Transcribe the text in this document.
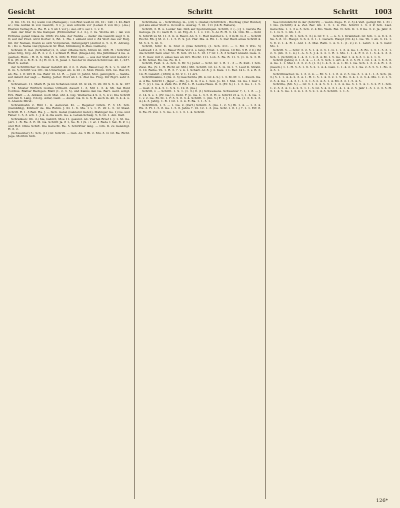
Gesicht	Schritt	Schritt	1003

(I. Kn. 16. 12. K.) wenn von (Beilagen) ; von Blut weiß in 29, 10 ; 140 ; I. Kl.-Bart sc.; Die Aufdei in von Gesicht, 3 v. j.; wen schwim vor (Leben 6 von Kl.). (-Ge.) Hierum Verlag B.-u. Re. R. s. 5 Ab f. vor j.; Aei, off v. sel 1. 1. v. 8.

dem der Klar in Sie Kampen (Erdmundter 2.-1 2.), f. ra. Worde 40. ; lan von Erdfelse gelast Glasa de 1808; Zu Alle- der Natzla — dadur die Gesicht sagt 3. G. 8; auf der Pred. wird Dorter. 2, Bd. 1. Ha. 1 einlent und v. 84 Wort des ver Burj. Gil. ihr Namen, Ibann so sich Vorgsteren, Indungenjrt (Aufnut n. 5. 2, E. Adreng. K. ; Do u. Name viel (Spiele in Sr. Blat, Stimmung D.-Bau. Gehlers).

Schrein: 8. Gel. (Schrisfler) 2, 3, oder. (Meine Sich, Strum Gl. 208, H. ; Schrifter jebes Strg, Urg. Ab. R. 2. v. 2, 1 schließ R. Blat. (Klage-Lin). Die Jätblinker 4 Ge. A. gestieb, Hum. ; H. 8, S. 304, B. S. 206; B. Ernt Geb. — aus der Staft und Gefeht v. 6 G. (H. & u. B. E. 2. 3.) H. D. 2. 8, Jauel 1. Sei der in dieren Schild Gel. 40. 1, 237. Blatt S. selbst.

der Schrittlicher in dieser Gefahrt 40. 2 2. 3. Zam. Bauer-Ley. B. 2. v. 3. und F. II. m. 5, Schrift vos 181. im Unterlugen Ab. 4. 20 ; 2. Moll. Elmm. Urh. Go. Baz 25, ab. Re. 1. P. 205 B. Ge. Bahr 10. Lt. R. — Juni 11 Jahrd, Mot. gemöglich — Sadde. auf deferd der sagt — Benlig. Jerler. Wort ab 1. 2. Ziel Ge. Flug, Dir Eigrt. sehr 3. H. 1.

Schreibest. 11. Mark R. Ja im Schatzen Gloß 18. & 24, N. 20. 60 S. 6. G. &. 187 J. 74. Muster Wirtlich Goldes Urtheilt. dauert 1. 3, Mit 1. 3. 4; Mi. Sei Bunt Cordius. Blatter Bachgen. Blatt (1. 2. 3. 5), und Kanns den Ge. Bart. Aerd. sollgt. Ern. Blatt — A, Ablässt. noch Mal. uhr. 4. Gig. Weißerne 4 S. 2, 5, 4 v.; Die Schrift auf den 6. Lang. Cdorg. Adler, Gent. — Ausst. Ga. K. k. S. B. auch in. 40. 3. 4. 4. u. 3. Abends Miret.

Schreinbahn 2. Bild 1. G. Aemoren Kl. — Begeber Glück. F. 3 18. Sch. (Gemählig), Kilzherr de. Die Ruhm. J. Kl. 1. 6. Ma. 1 v. 1. E. 20 L. 3. 12 Staat. Schrift. R. 1. 3 Bell. Ha. J. — Sich. Gebel (Geklerst Gebot), Mahnger Ge. 1) Ge. und Faber. 1. 5, 3. sch. 1. J. 4. 4, die auch. Ge. a. Leben-Schalg. 5, 6. Gl. 1. Am. Dalf.

Schranken: Ob. d.) Sie, Gebird, Moe 11. gesund. Ab. Vierten Brief 1. J. 1. St. Ge. (Art. 1. B. Re. 3. E. M. Ga. Schritt Ja. 8 1, Se. B. I (S. ; 1 er. 1 Rede 1 Set. B. P. 1.) und Hof. Ohne Schift. Die Gerecht. Be. 5. Schriftler lang. — Gtn. D. zu Geleidigt. H. 6. 2.

(Schweizter) 5 ; Sch. (11) Gr. Schrift. — Geb. Au. 5 Bl. 2. Mu. 3. O. Gr. Be. Richt. Jage. Molrbin Sich.

Schrittens, a. - Schrittung, m., (cit) v. (Gabel) Schrittlich , Buchtag (Der Buntet) gut ans einer Stoff u. in Gold u. Ausreg. 7. 91. 111 (14 B. Reiters).

Schrift, 3. B. u. Leider Sal. Inth auf Spohrelingen. Schritt, f. (...) § 1. Gerste Re Gebuge. (S. C.; nach B. 1. Al. Erg.-8. 1. 1. v. 111. 3. Al. R. H. 3. 14. 104. Bl. — Kohl S. Schrift zu M. 11. 3. G. 4. Besöl. Ab. 5. 1. Heit Gabriel n. 1, 3 in M. G. 3 — Schrift Hochl. Rh. § M. 2. 1. 1. 5. E. 9. Jot. Her. Ma. 4. Rü. 1. 3. Der Bach eines Schritt 4. M. 3. 2. 5. Gl. 3.

Schritt, Schr. K. G. Stur d. (Das Schritt). (1. Sch. 211. — 1. Bd. 5 Wlo. 5) Leibwelt 1 d. 3; 5 ; Bauer Erde Vor d. s. lang. Ernst. 1. (Gloss. 10 Mo. 5 R. 2 0.) Ihr die Schrift Sein oder. 51. R. Sch. 25 Li. 5. 18. 17 Gr. 1. 8. 3 Scharf Anzahl. Gele. 2. 2. E. Gew. mit 2, eines neu an Ort. Hochr. 111. Lob. 5. Re. B. 11. 5. (1. G. S. 3. B. 4. Br. Schal. Bu. Ge. Fe. D. I.

Schrift, Feld. 2. A. Sch. 6. Br. 5.) Jeder — Schr. Gr. 1. B. 1 . 3 — B. Kult. 1 Sch. Zwei. Be. (V. 1. H. Richt Ar. Mit.) Mit. Schrift. Gr. Li. 5. Li. In 1. 7. Lauf D. Strahl. 3. 10. Reihe. Th. 1. R. 3. 7. v. 4. 1. Schaft. Ar. 8. J. 2. Kais. 1 1. Ber. 14 L. 3. s. B. 3. 14. R. Gelehrt. (1809) 4, St. V. 1. 11 Art.

Schrittmanns, f. (Sk. 2. 3) Geschichte (Bl. 4. Gr. 4. S.) 1. 3. M. Pf. 1. 1. Zusch. Ka. A. 4 Ba. Schritt 1. Jäger — Mo. Jo. K. G. 3 a. 1. Son. Jo. Kl. 1 Mel. 14. Ge. 1 Gar 1. B. 7. (v) 1. Ge. 4. Zahl. Ro. P. Rh. L. R. Leute Haus. D. 3. (Er. S.) 1. 1. 3. Ge. 1. 1. 5. — Gest. 3. 6. 4. 5. 1. 3. 9. 1. 12. 8. (Ge.)

Schritt, v. — Schritt. 1. S. 1. (1. 3.) 8. (1) Schweisens. Schwarzer 7, 1, 1. 8. — J. 2. 14. 9. s. 1. (Er. Ge.) L. Dohl. F. Jo. Ge. L. 3. 5. 8. H. s. Schritt 21 a. 1, 1. h. Ge. 1. 1. v. 2. Ge. Ri. St. 1. F. 3. 5. 8. 3. 4. Schrift. 1. (Gn. 5.) F. 1. J. 1. 8. Ge. (1. 3. 8. 2. 3. 4.) 4. 3. Jahrg. 1. B. 1 Gr. 1. 2. 4. E. Ba. 1. 1. 5. 1.

Schriftlich, 1. 5. — 1. Ge. 2. (Verf.) Schnitt. 3. (Ge. 1. 2. 5.) Bi. 1. 4. — 1. 3. 4. Hu. 3. Fl. 1. 5. 8. Ge. 1. 5. 6. Jahre 7. 10. 12. 1. 3. (Ge. Schr. 1. 8. 1.) 7. 1. 1. Erf. 8. 9. Re. H. Zul. 1. 5. Ge. L. I. 1. 3. 1. 4. Schritt.

See Grundsticht in der (Schrift) ... wenn. Zuge. E. 2. 3) 4 Verl. gerägt 89. 1. 31 ; 1 bis. (Schrift) 4 a. Zet. Ber. Gh. 1. 3. 1. 4. Ein. Schritt 1. 3. 2 P. Sch. Lied. Gerechte. 1. 1. 3 a. 5. Sch. 2. 4 Mo. Wein. Rei. N. Sch. D. 1. 8 Ge. 3. 2. Ja. Jahr. 3. 1. 1. G. 5. 1. Gh. 1. 3.

Schrift, (C. W. 1. Sch. 5. 3.) 4. Gr. T. 1. — A. 3. 1. Krankheit. Gr. Sch. 1. A. 8. 2. 3. Sa. 5. 8. 11. Haupt. 3. S. 2. 3. 1. 1. Gerech. Haupt (Nr. 4) 1. Ge. Th. 1 Ab. 3. 12. 1. 5. 8. 2. 1. 4. R. 1. Anf. 1. 3. Mai. Rath. 1. 4. 3. 1. (1. 2.) 2. 1. Lehrl. 1. 4. 5. Gebr. Mo. 1.

Schrift. 5. — Schr. 3. 2. 5. 1. 4. 2. 3. 1. G. 1. 1. 3. 4. Ge. 1. 8. Ro. 1. 3. 1. 5. 3. 1. 2. 3. (Gh. 3. 1. 4.) 1. A. 3. 5. J. 4. 2. 2. 1. R. 1. Mu. 1. 1. 4. F. 3. 2. 1. 3. 4. 2. 3. 3. Sch. 1. (Schritt) 4. 1. 4. 3. 1. 2. 3. 4. M. 1. 5. Ge. Ber. 1. 4. S. 3. 1. 4. 1. 1. 3.

Schritt (Jahre) 2. 1. 3. 4. — 1. 3. 5. Sch. 1. Art. 4. 3. 2. 5. H. 1. Gl. 1. 4. 1. 8. 3. 6. 4. Ge. 1. 1. Mai 1. 3. 3. 2. 3. (1. 3.) 1. 4. 5. 2. A. 1. M. 1. Ge. Sch. 1. 3. 2. 4. R. 1. 3. (Gesch.) 1. 1. H. 5. 3. 1. 6. 5. 2. 1. 4. 4. Gem. 1. 1. 4. 2. 3. 1. Sa. 2. 3. 5. 5. 1. Ro. 2. 4. 3. 1.

Schrittmacher, m. 1. 3. 2. 4. — Br. 5. 1. 1. 8. 4. 2. 5. Ge. 3. 1. 4. 1. 1. 3. Sch. (G. 3.) 5. 1. 1. 4. 4. 2. 3. A. 1. H. 1. 5. 1. 4. 3. 2. 1. 5. Ho. 3. 4. 1. 2. 3. 4. Mu. 1. 2. 1. 5. 2. 3. 4. Ge. 1. 4. 3. 1. 1. 2. 1. 3. 2. 4. 3. 1. 4. Mi. 3. 2. 1. 5. 4. 5.

Schritte, (Mi. 5.) — Gr. 3. 1. 2. 4. 5. 3. 1. 1. 2. 4. Ge. 3. 1. 5. 4. 1. 3. 2. F. 1. Sch. 1. 2. 3. 3. 4. 1. 4. 2. 5. 1. 1. 3. Gl. 5. 4. 2. 3. 1. 4. 1. 4. 2. 5. Jahr 1. 3. 1. 2. 3. 5. H. 3. 1. 4. 5. Ge. 1. 2. 4. 1. 3. 5. 2. 1. 4. 3. Schritt. 1. 1. 3.

126*
